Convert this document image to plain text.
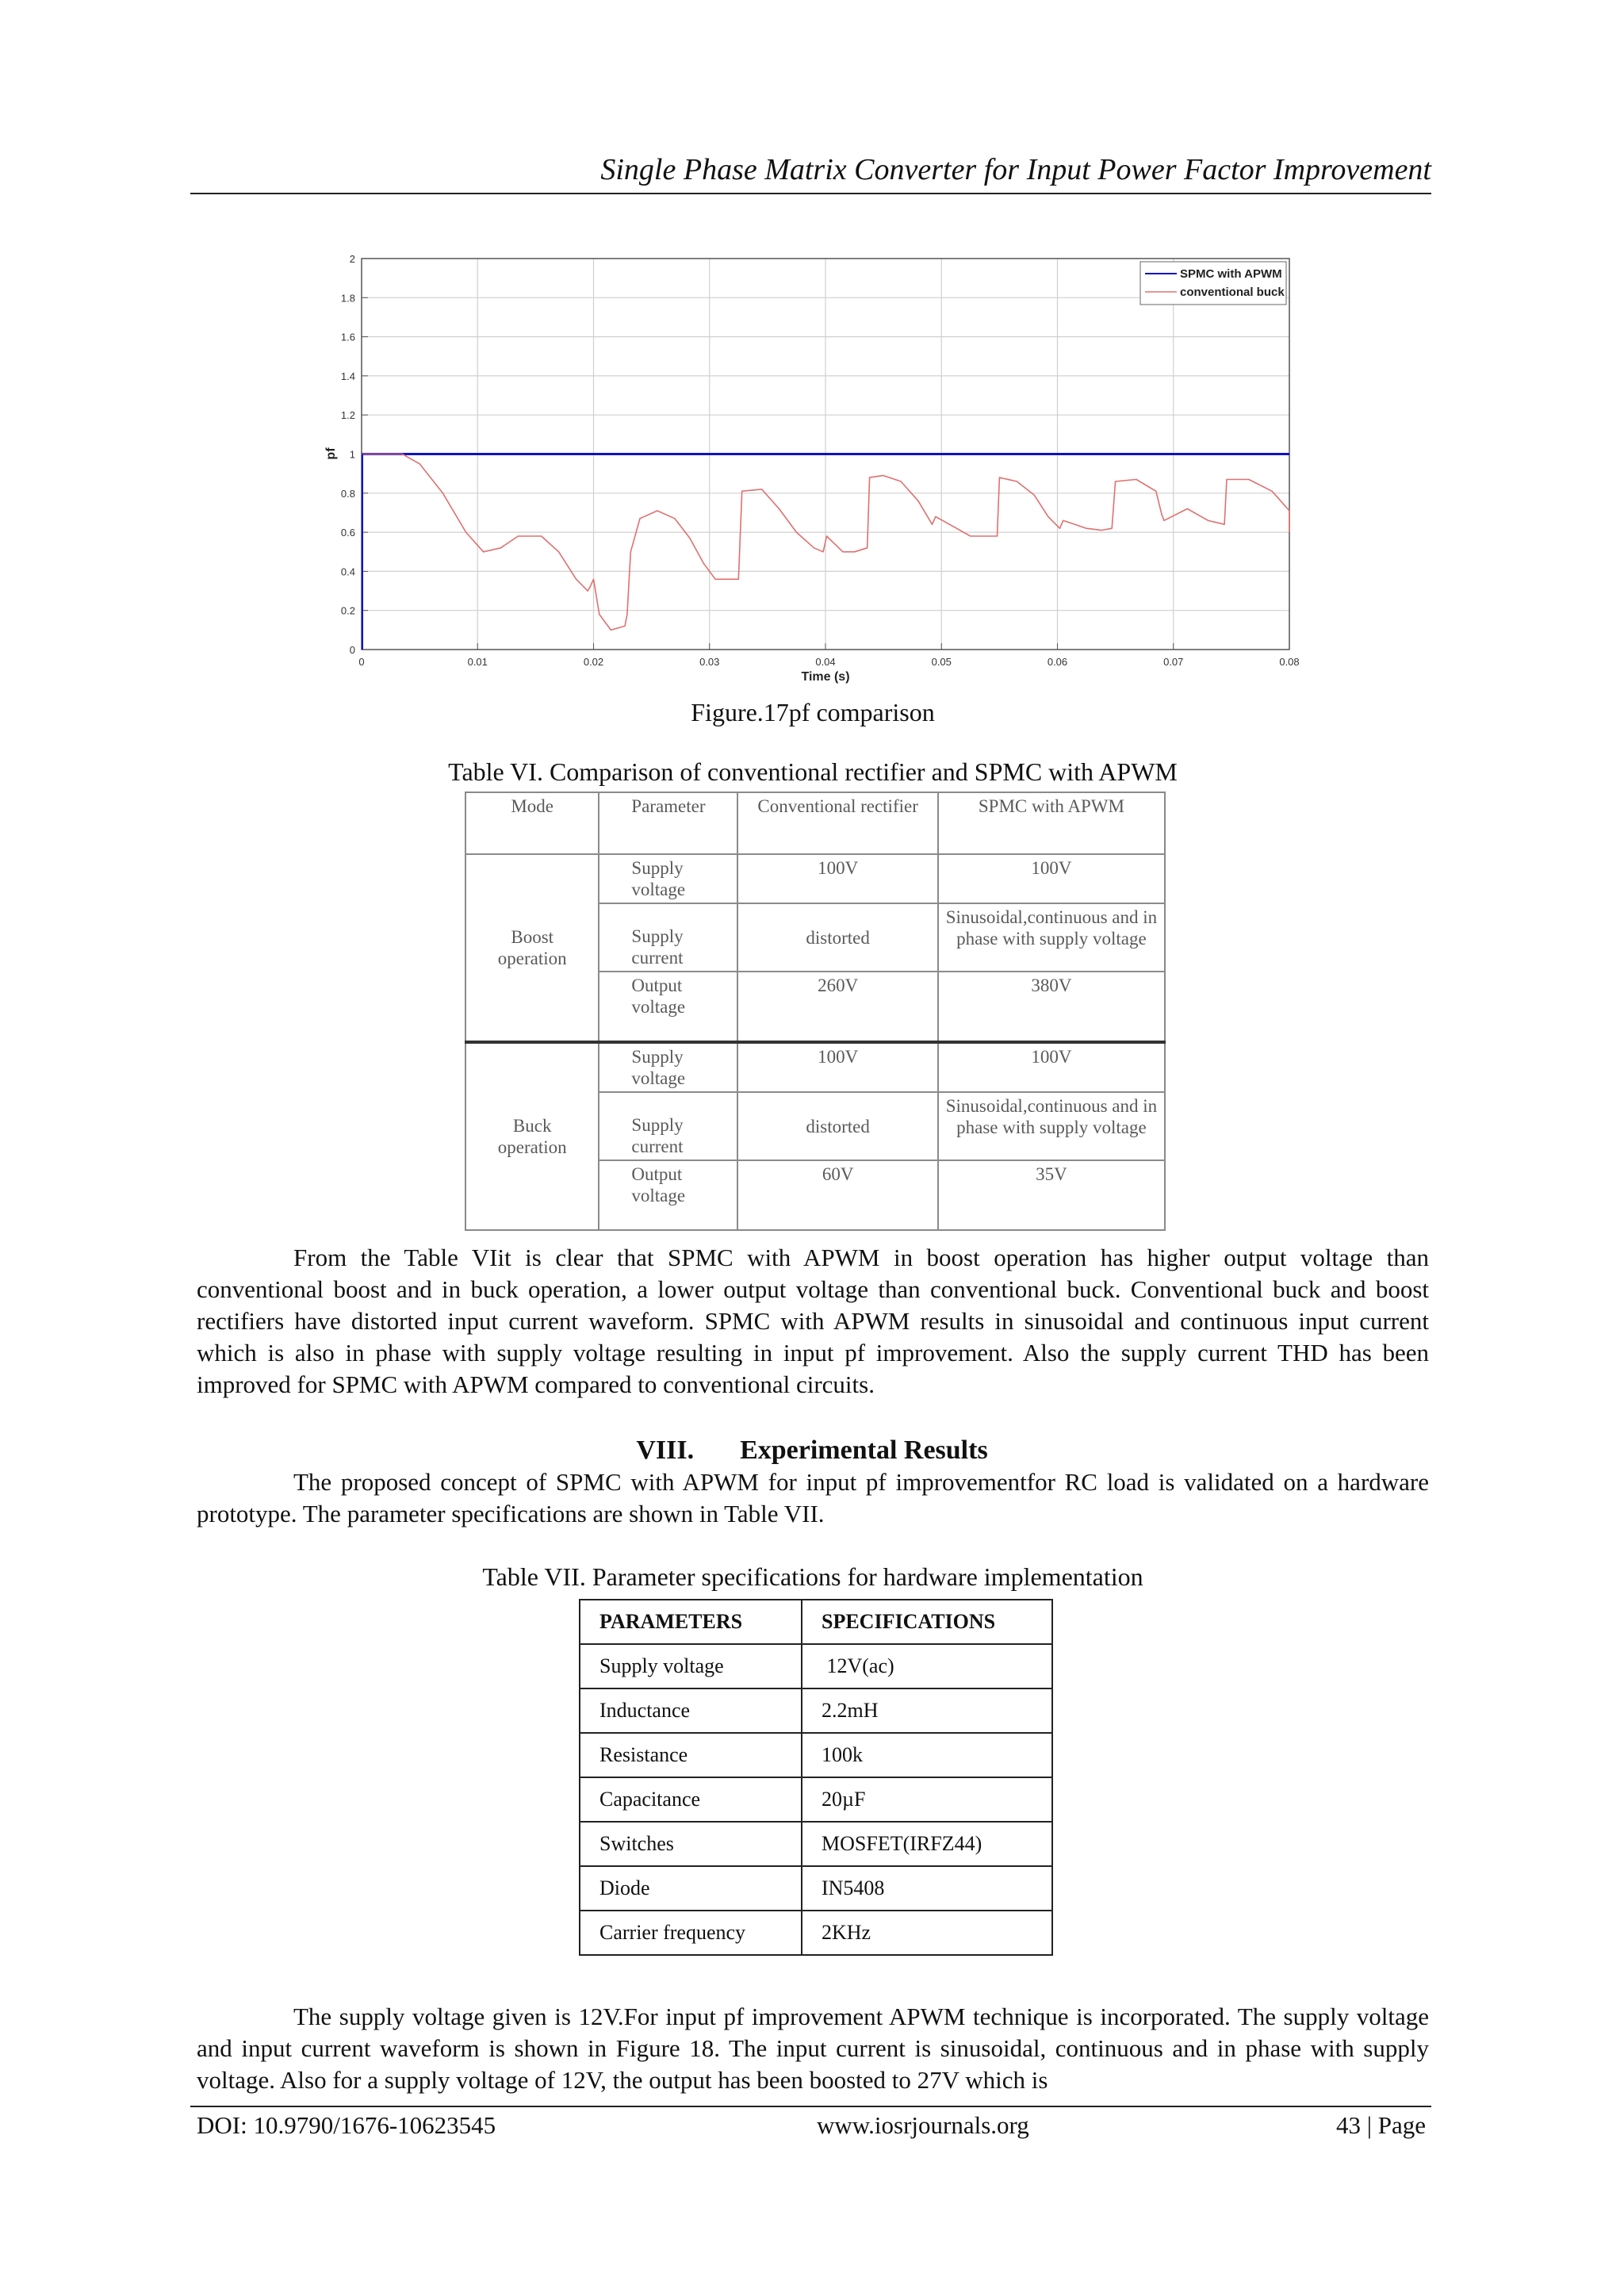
Single Phase Matrix Converter for Input Power Factor Improvement
0	0.01	0.02	0.03	0.04	0.05	0.06	0.07	0.08
0
0.2
0.4
0.6
0.8
1
1.2
1.4
1.6
1.8
2
Time (s)
pf
SPMC with APWM
conventional buck
Figure.17pf comparison
Table VI. Comparison of conventional rectifier and SPMC with APWM
Mode	Parameter	Conventional rectifier	SPMC with APWM
Boost operation	Supply voltage	100V	100V
	Supply current	distorted	Sinusoidal,continuous and in phase with supply voltage
	Output voltage	260V	380V
Buck operation	Supply voltage	100V	100V
	Supply current	distorted	Sinusoidal,continuous and in phase with supply voltage
	Output voltage	60V	35V
From the Table VIit is clear that SPMC with APWM in boost operation has higher output voltage than conventional boost and in buck operation, a lower output voltage than conventional buck. Conventional buck and boost rectifiers have distorted input current waveform. SPMC with APWM results in sinusoidal and continuous input current which is also in phase with supply voltage resulting in input pf improvement. Also the supply current THD has been improved for SPMC with APWM compared to conventional circuits.
VIII. Experimental Results
The proposed concept of SPMC with APWM for input pf improvementfor RC load is validated on a hardware prototype. The parameter specifications are shown in Table VII.
Table VII. Parameter specifications for hardware implementation
PARAMETERS	SPECIFICATIONS
Supply voltage	12V(ac)
Inductance	2.2mH
Resistance	100k
Capacitance	20µF
Switches	MOSFET(IRFZ44)
Diode	IN5408
Carrier frequency	2KHz
The supply voltage given is 12V.For input pf improvement APWM technique is incorporated. The supply voltage and input current waveform is shown in Figure 18. The input current is sinusoidal, continuous and in phase with supply voltage. Also for a supply voltage of 12V, the output has been boosted to 27V which is
DOI: 10.9790/1676-10623545	www.iosrjournals.org	43 | Page
